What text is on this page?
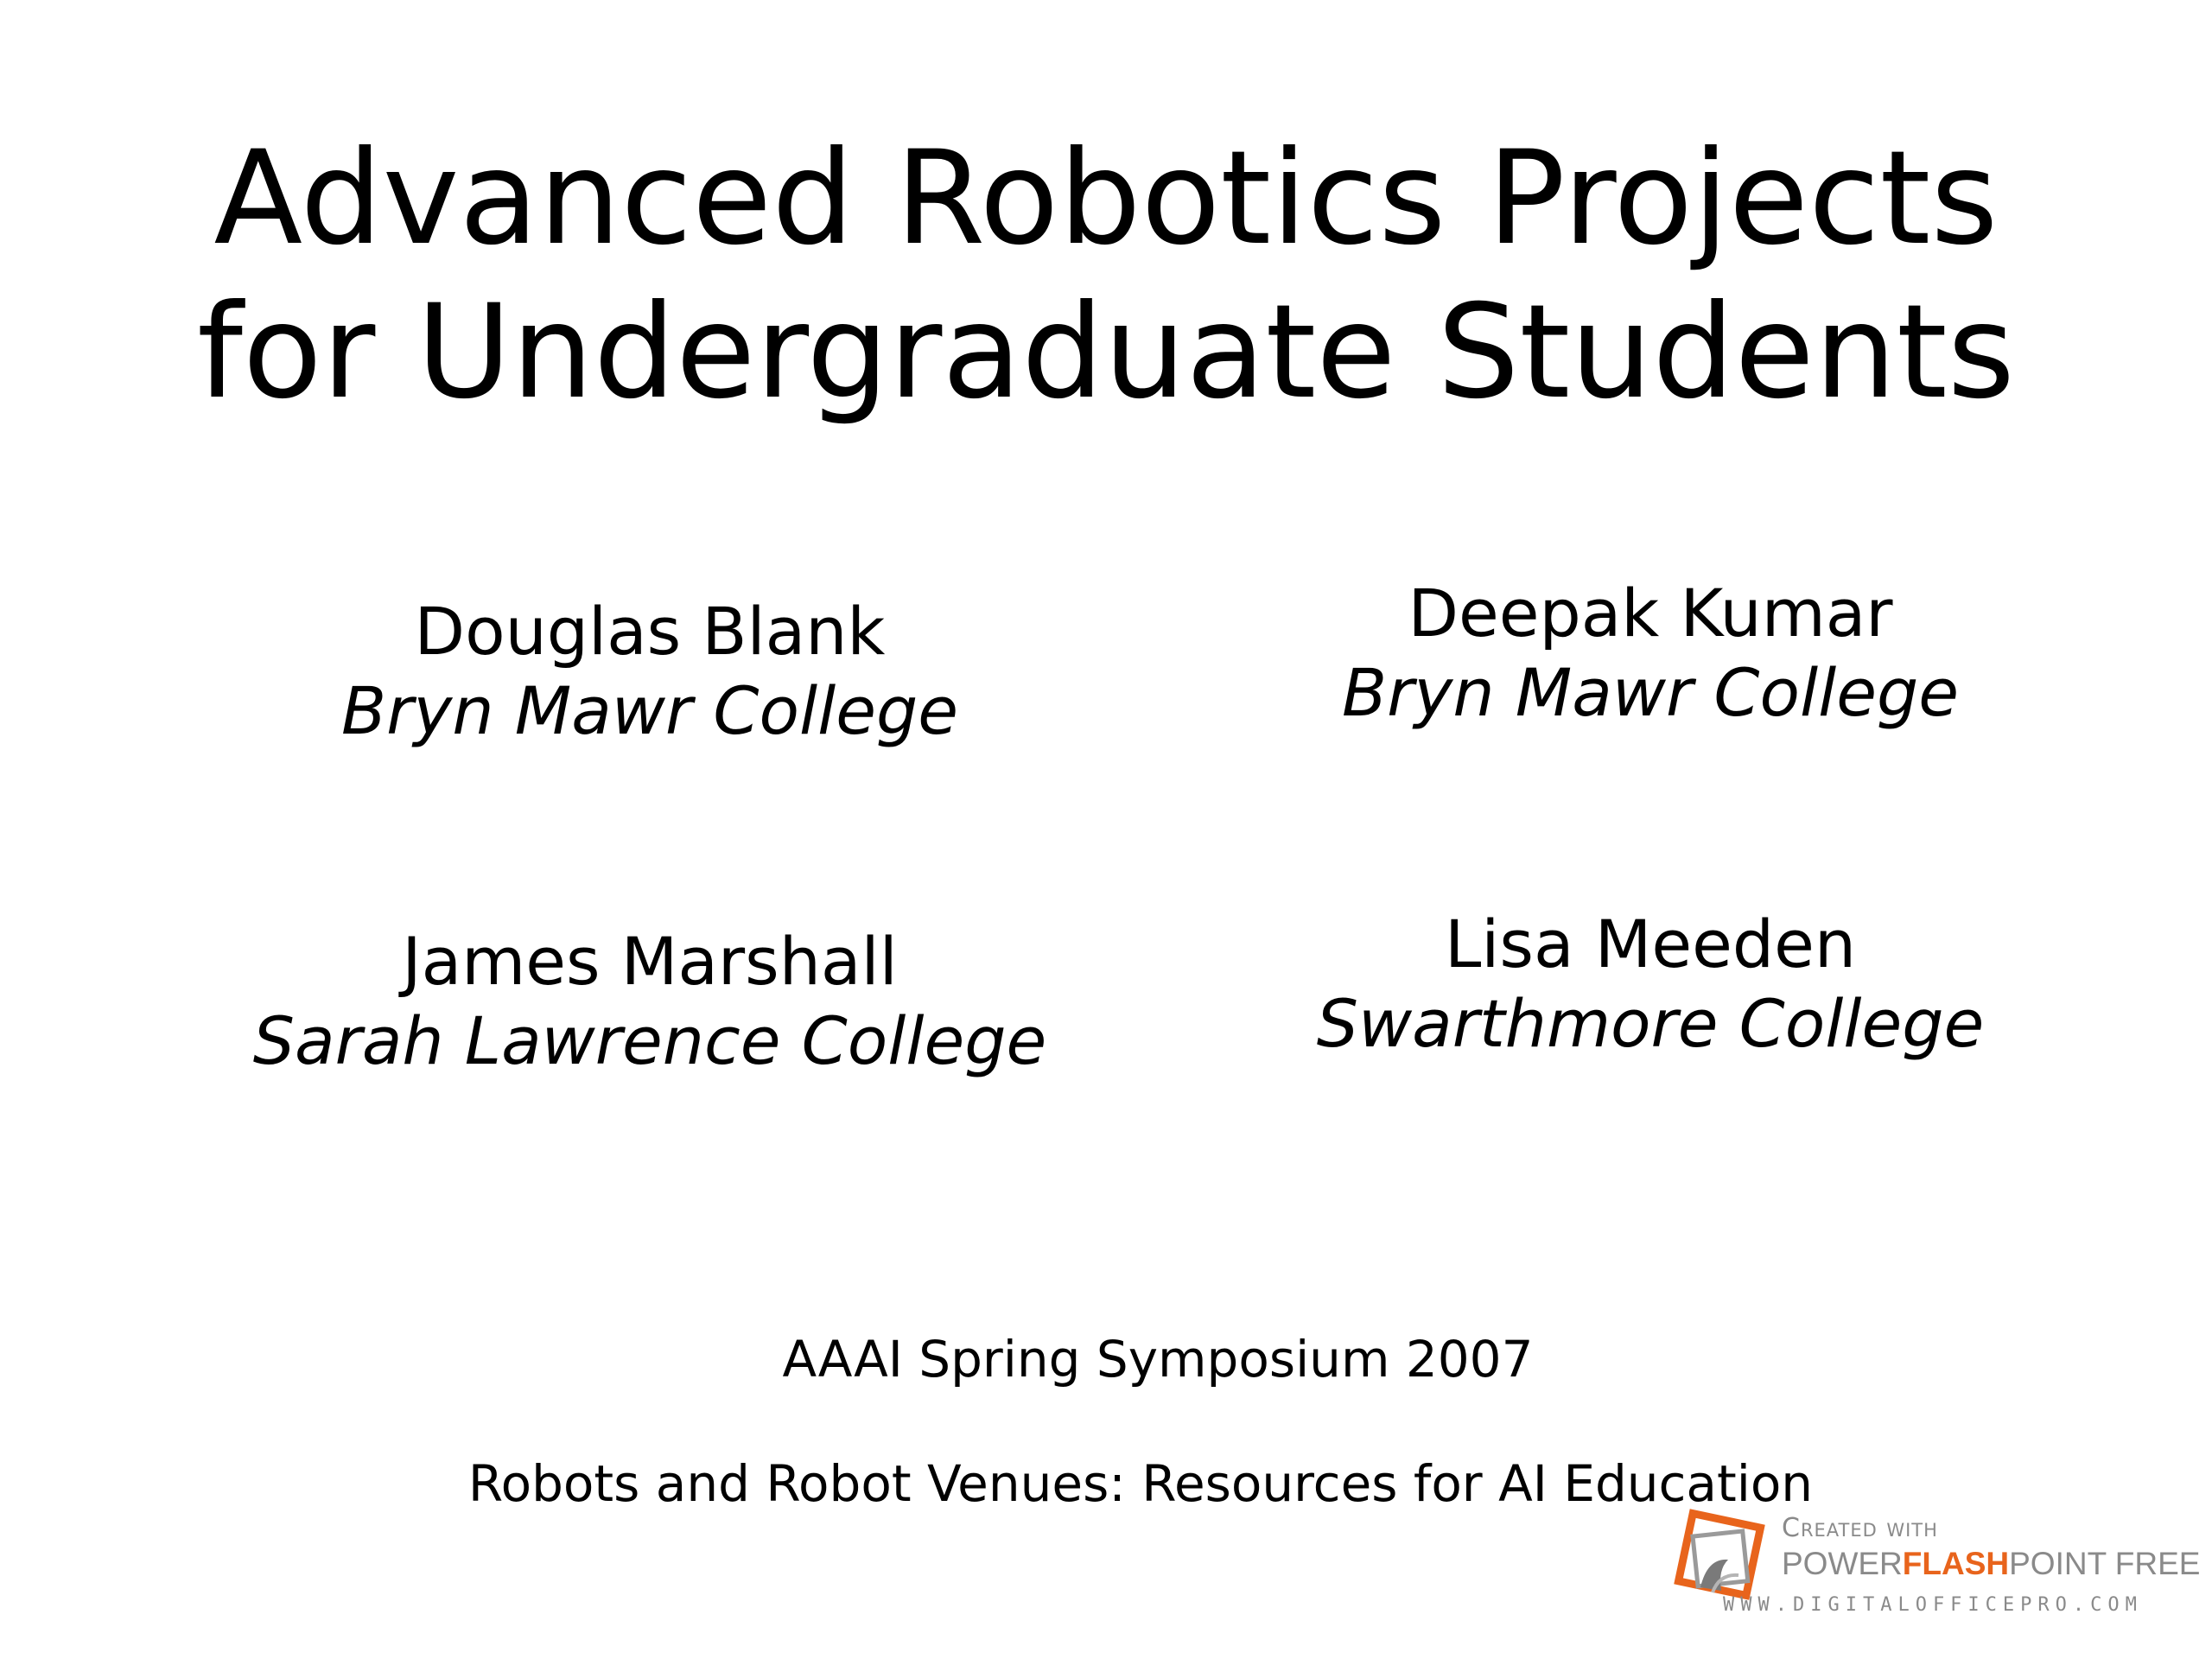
Advanced Robotics Projects
for Undergraduate Students
Douglas Blank
Bryn Mawr College
Deepak Kumar
Bryn Mawr College
James Marshall
Sarah Lawrence College
Lisa Meeden
Swarthmore College
AAAI Spring Symposium 2007
Robots and Robot Venues: Resources for AI Education
Created with
POWERFLASHPOINT FREE
WWW.DIGITALOFFICEPRO.COM
